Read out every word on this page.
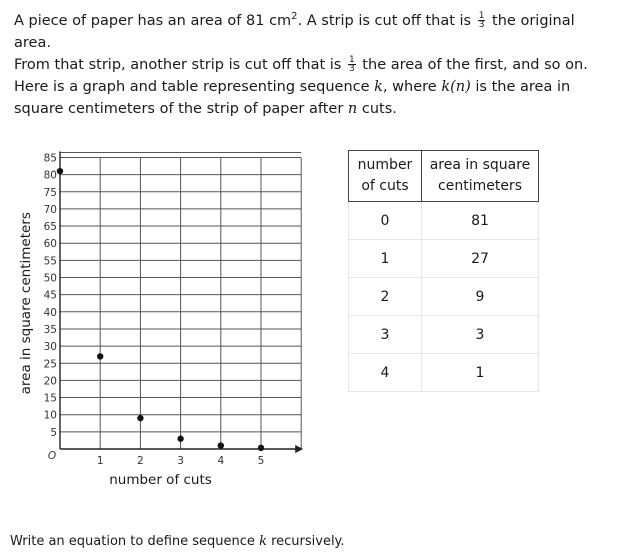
A piece of paper has an area of 81 $cm^2$. A strip is cut off that is $\frac{1}{3}$ the original area.
From that strip, another strip is cut off that is $\frac{1}{3}$ the area of the first, and so on.

Here is a graph and table representing sequence k, where k(n) is the area in square centimeters of the strip of paper after n cuts.

5
10
15
20
25
30
35
40
45
50
55
60
65
70
75
80
85
1	2	3	4	5
O
number of cuts
area in square centimeters
number of cuts	area in square centimeters
0	81
1	27
2	9
3	3
4	1

Write an equation to define sequence k recursively.
